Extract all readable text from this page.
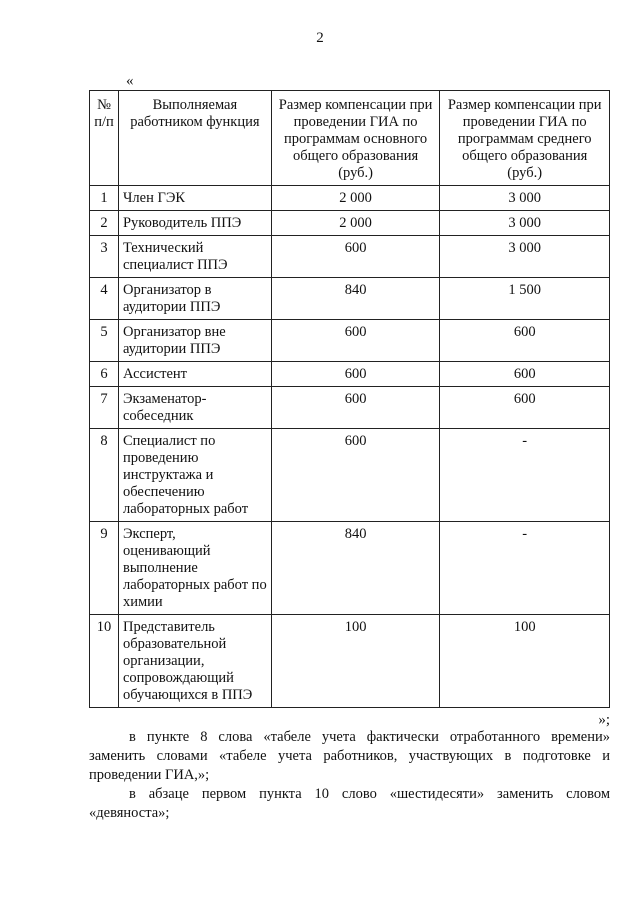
2
«
№ п/п	Выполняемая работником функция	Размер компенсации при проведении ГИА по программам основного общего образования (руб.)	Размер компенсации при проведении ГИА по программам среднего общего образования (руб.)
1	Член ГЭК	2 000	3 000
2	Руководитель ППЭ	2 000	3 000
3	Технический специалист ППЭ	600	3 000
4	Организатор в аудитории ППЭ	840	1 500
5	Организатор вне аудитории ППЭ	600	600
6	Ассистент	600	600
7	Экзаменатор-собеседник	600	600
8	Специалист по проведению инструктажа и обеспечению лабораторных работ	600	-
9	Эксперт, оценивающий выполнение лабораторных работ по химии	840	-
10	Представитель образовательной организации, сопровождающий обучающихся в ППЭ	100	100
»;
в пункте 8 слова «табеле учета фактически отработанного времени» заменить словами «табеле учета работников, участвующих в подготовке и проведении ГИА,»;
в абзаце первом пункта 10 слово «шестидесяти» заменить словом «девяноста»;
